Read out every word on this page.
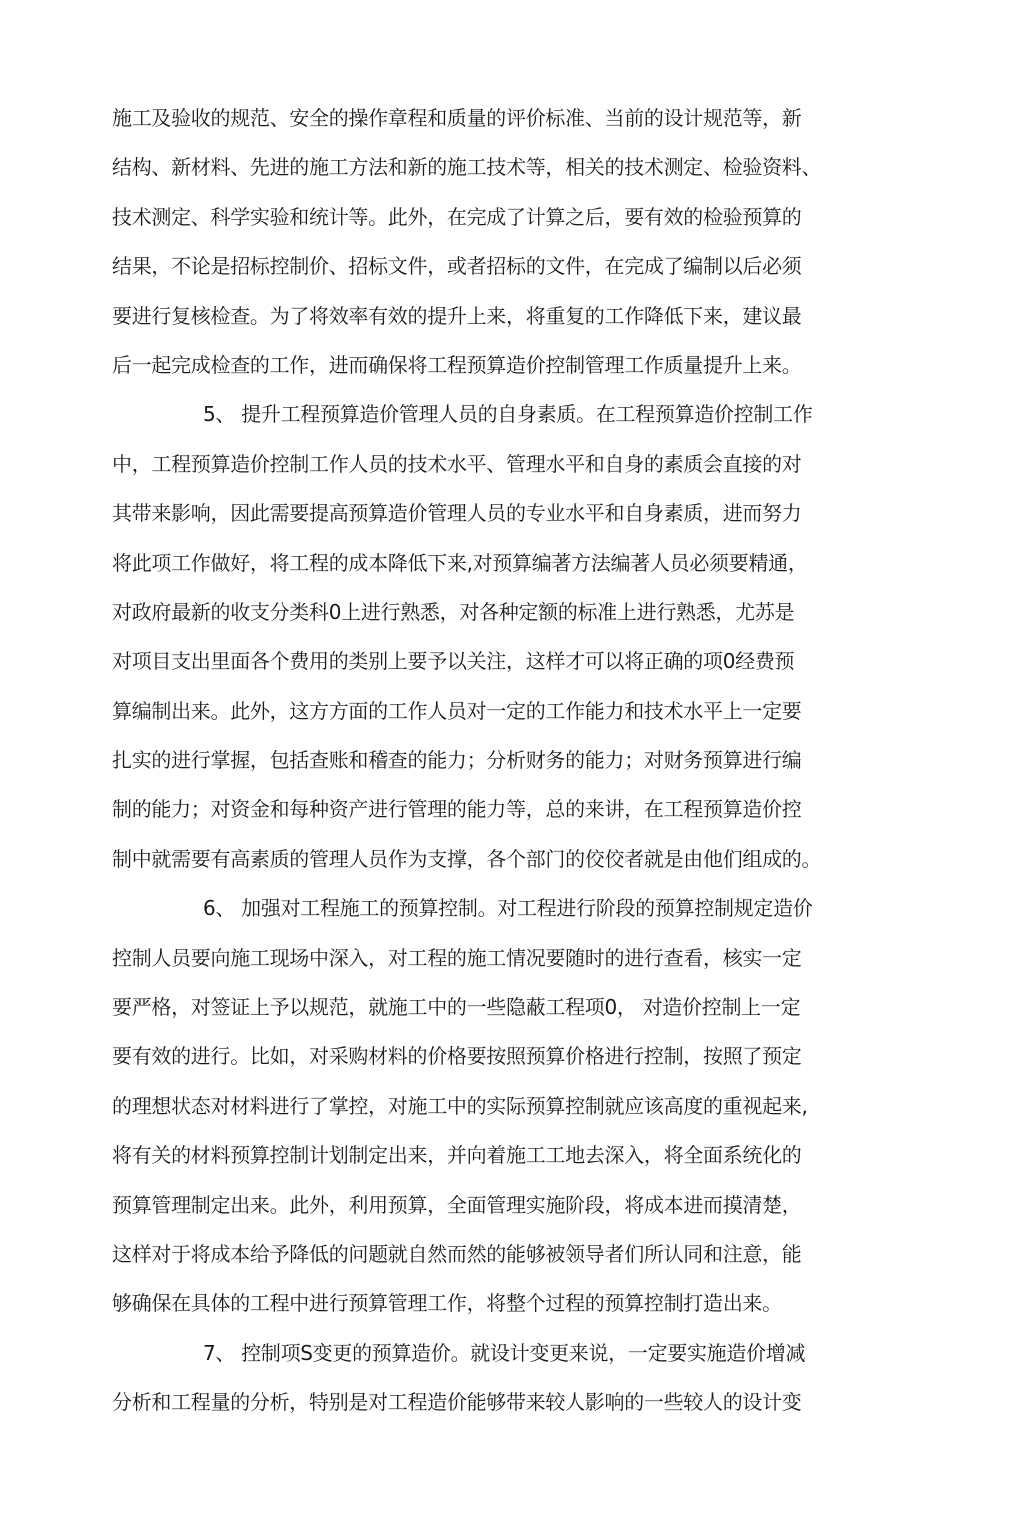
施工及验收的规范、安全的操作章程和质量的评价标准、当前的设计规范等，新
结构、新材料、先进的施工方法和新的施工技术等，相关的技术测定、检验资料、
技术测定、科学实验和统计等。此外，在完成了计算之后，要有效的检验预算的
结果，不论是招标控制价、招标文件，或者招标的文件，在完成了编制以后必须
要进行复核检查。为了将效率有效的提升上来，将重复的工作降低下来，建议最
后一起完成检查的工作，进而确保将工程预算造价控制管理工作质量提升上来。
5、 提升工程预算造价管理人员的自身素质。在工程预算造价控制工作
中，工程预算造价控制工作人员的技术水平、管理水平和自身的素质会直接的对
其带来影响，因此需要提高预算造价管理人员的专业水平和自身素质，进而努力
将此项工作做好，将工程的成本降低下来,对预算编著方法编著人员必须要精通，
对政府最新的收支分类科0上进行熟悉，对各种定额的标准上进行熟悉，尤苏是
对项目支出里面各个费用的类别上要予以关注，这样才可以将正确的项0经费预
算编制出来。此外，这方方面的工作人员对一定的工作能力和技术水平上一定要
扎实的进行掌握，包括查账和稽查的能力；分析财务的能力；对财务预算进行编
制的能力；对资金和每种资产进行管理的能力等，总的来讲，在工程预算造价控
制中就需要有高素质的管理人员作为支撑，各个部门的佼佼者就是由他们组成的。
6、 加强对工程施工的预算控制。对工程进行阶段的预算控制规定造价
控制人员要向施工现场中深入，对工程的施工情况要随时的进行查看，核实一定
要严格，对签证上予以规范，就施工中的一些隐蔽工程项0， 对造价控制上一定
要有效的进行。比如，对采购材料的价格要按照预算价格进行控制，按照了预定
的理想状态对材料进行了掌控，对施工中的实际预算控制就应该高度的重视起来,
将有关的材料预算控制计划制定出来，并向着施工工地去深入，将全面系统化的
预算管理制定出来。此外，利用预算，全面管理实施阶段，将成本进而摸清楚，
这样对于将成本给予降低的问题就自然而然的能够被领导者们所认同和注意，能
够确保在具体的工程中进行预算管理工作，将整个过程的预算控制打造出来。
7、 控制项S变更的预算造价。就设计变更来说，一定要实施造价增减
分析和工程量的分析，特别是对工程造价能够带来较人影响的一些较人的设计变
